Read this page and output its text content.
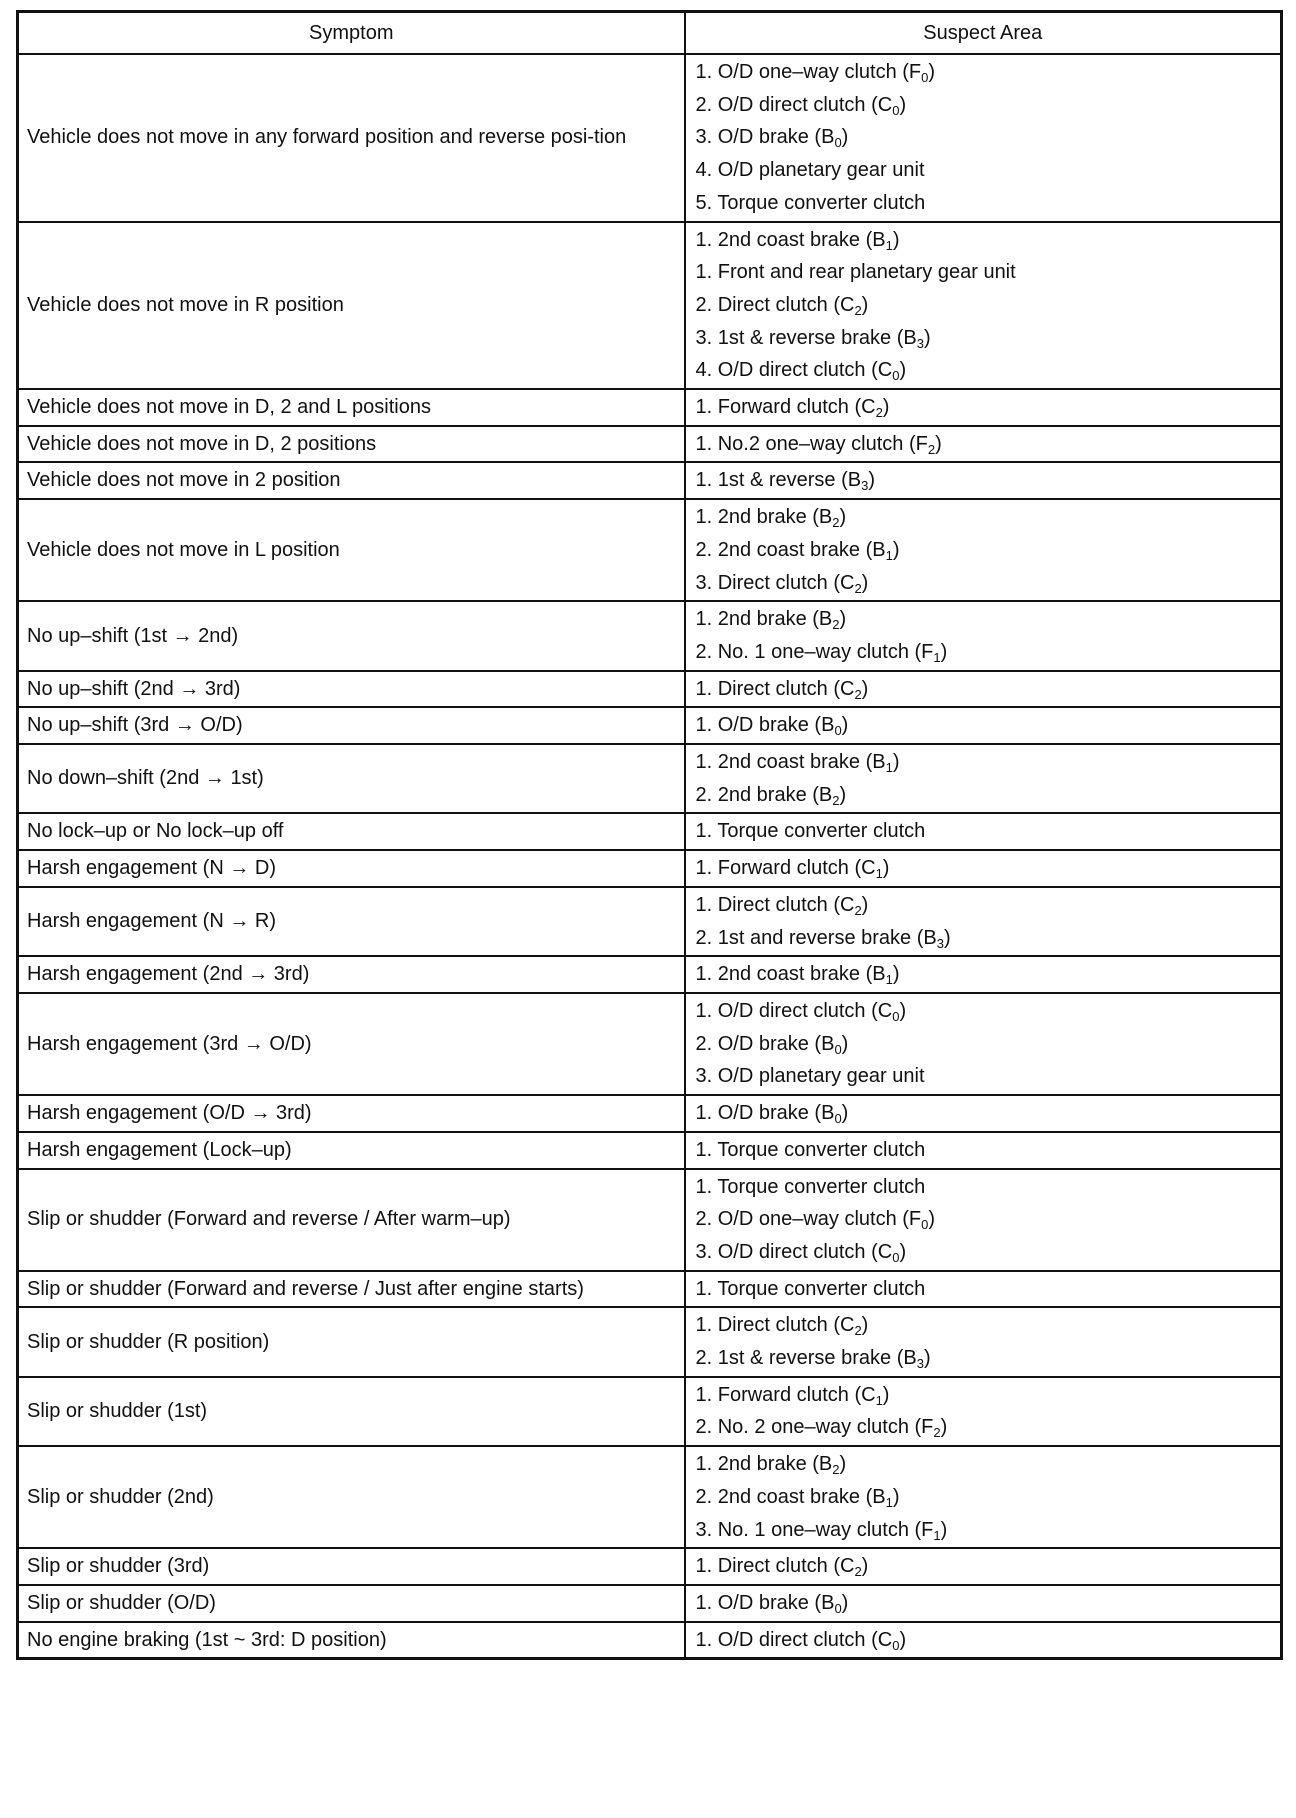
Symptom	Suspect Area
Vehicle does not move in any forward position and reverse posi-tion	1. O/D one–way clutch $(F_0)$
2. O/D direct clutch $(C_0)$
3. O/D brake $(B_0)$
4. O/D planetary gear unit
5. Torque converter clutch

Vehicle does not move in R position	1. 2nd coast brake $(B_1)$
1. Front and rear planetary gear unit
2. Direct clutch $(C_2)$
3. 1st & reverse brake $(B_3)$
4. O/D direct clutch $(C_0)$

Vehicle does not move in D, 2 and L positions	1. Forward clutch $(C_2)$

Vehicle does not move in D, 2 positions	1. No.2 one–way clutch $(F_2)$

Vehicle does not move in 2 position	1. 1st & reverse $(B_3)$

Vehicle does not move in L position	1. 2nd brake $(B_2)$
2. 2nd coast brake $(B_1)$
3. Direct clutch $(C_2)$

No up–shift (1st → 2nd)	1. 2nd brake $(B_2)$
2. No. 1 one–way clutch $(F_1)$

No up–shift (2nd → 3rd)	1. Direct clutch $(C_2)$

No up–shift (3rd → O/D)	1. O/D brake $(B_0)$

No down–shift (2nd → 1st)	1. 2nd coast brake $(B_1)$
2. 2nd brake $(B_2)$

No lock–up or No lock–up off	1. Torque converter clutch

Harsh engagement (N → D)	1. Forward clutch $(C_1)$

Harsh engagement (N → R)	1. Direct clutch $(C_2)$
2. 1st and reverse brake $(B_3)$

Harsh engagement (2nd → 3rd)	1. 2nd coast brake $(B_1)$

Harsh engagement (3rd → O/D)	1. O/D direct clutch $(C_0)$
2. O/D brake $(B_0)$
3. O/D planetary gear unit

Harsh engagement (O/D → 3rd)	1. O/D brake $(B_0)$

Harsh engagement (Lock–up)	1. Torque converter clutch

Slip or shudder (Forward and reverse / After warm–up)	1. Torque converter clutch
2. O/D one–way clutch $(F_0)$
3. O/D direct clutch $(C_0)$

Slip or shudder (Forward and reverse / Just after engine starts)	1. Torque converter clutch

Slip or shudder (R position)	1. Direct clutch $(C_2)$
2. 1st & reverse brake $(B_3)$

Slip or shudder (1st)	1. Forward clutch $(C_1)$
2. No. 2 one–way clutch $(F_2)$

Slip or shudder (2nd)	1. 2nd brake $(B_2)$
2. 2nd coast brake $(B_1)$
3. No. 1 one–way clutch $(F_1)$

Slip or shudder (3rd)	1. Direct clutch $(C_2)$

Slip or shudder (O/D)	1. O/D brake $(B_0)$

No engine braking (1st ~ 3rd: D position)	1. O/D direct clutch $(C_0)$
